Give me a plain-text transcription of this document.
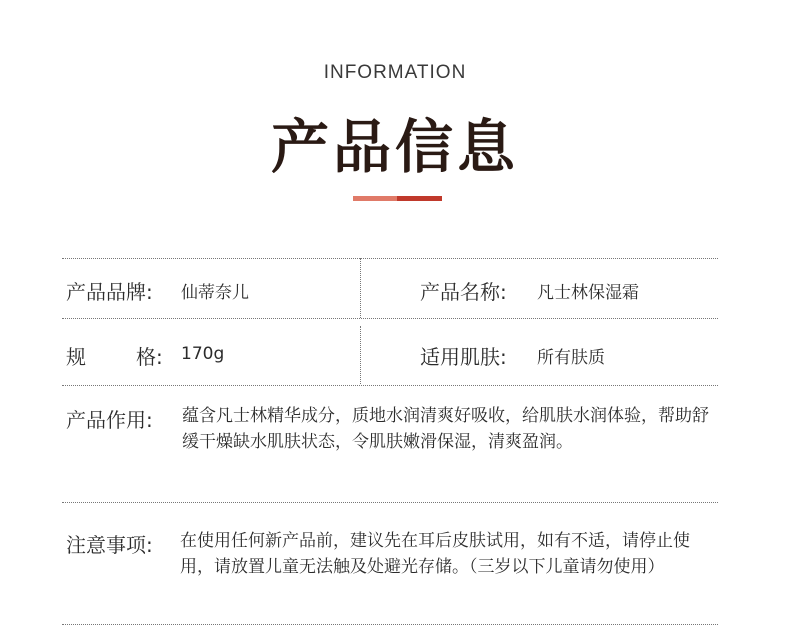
INFORMATION
产品信息
产品品牌: 仙蒂奈儿	产品名称: 凡士林保湿霜
规	格: 170g	适用肌肤: 所有肤质
产品作用: 蕴含凡士林精华成分，质地水润清爽好吸收，给肌肤水润体验，帮助舒缓干燥缺水肌肤状态，令肌肤嫩滑保湿，清爽盈润。
注意事项: 在使用任何新产品前，建议先在耳后皮肤试用，如有不适，请停止使用，请放置儿童无法触及处避光存储。（三岁以下儿童请勿使用）
